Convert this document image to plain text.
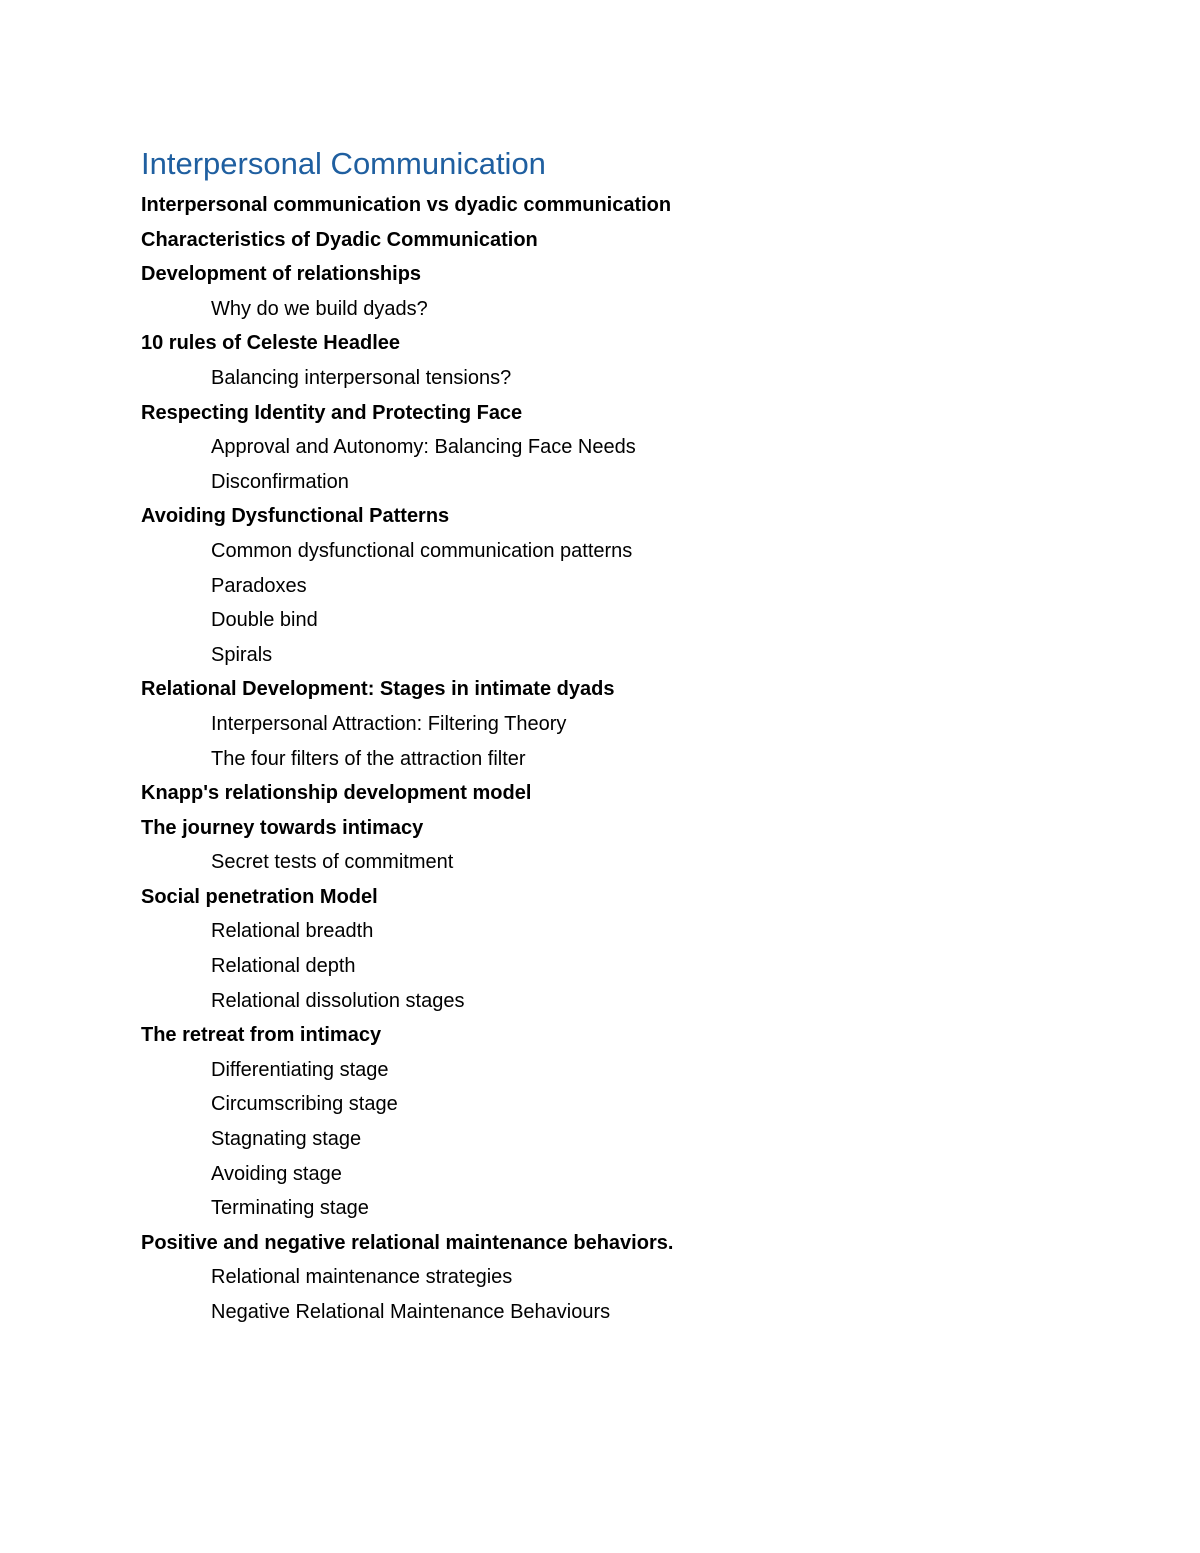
Interpersonal Communication
Interpersonal communication vs dyadic communication
Characteristics of Dyadic Communication
Development of relationships
Why do we build dyads?
10 rules of Celeste Headlee
Balancing interpersonal tensions?
Respecting Identity and Protecting Face
Approval and Autonomy: Balancing Face Needs
Disconfirmation
Avoiding Dysfunctional Patterns
Common dysfunctional communication patterns
Paradoxes
Double bind
Spirals
Relational Development: Stages in intimate dyads
Interpersonal Attraction: Filtering Theory
The four filters of the attraction filter
Knapp's relationship development model
The journey towards intimacy
Secret tests of commitment
Social penetration Model
Relational breadth
Relational depth
Relational dissolution stages
The retreat from intimacy
Differentiating stage
Circumscribing stage
Stagnating stage
Avoiding stage
Terminating stage
Positive and negative relational maintenance behaviors.
Relational maintenance strategies
Negative Relational Maintenance Behaviours
